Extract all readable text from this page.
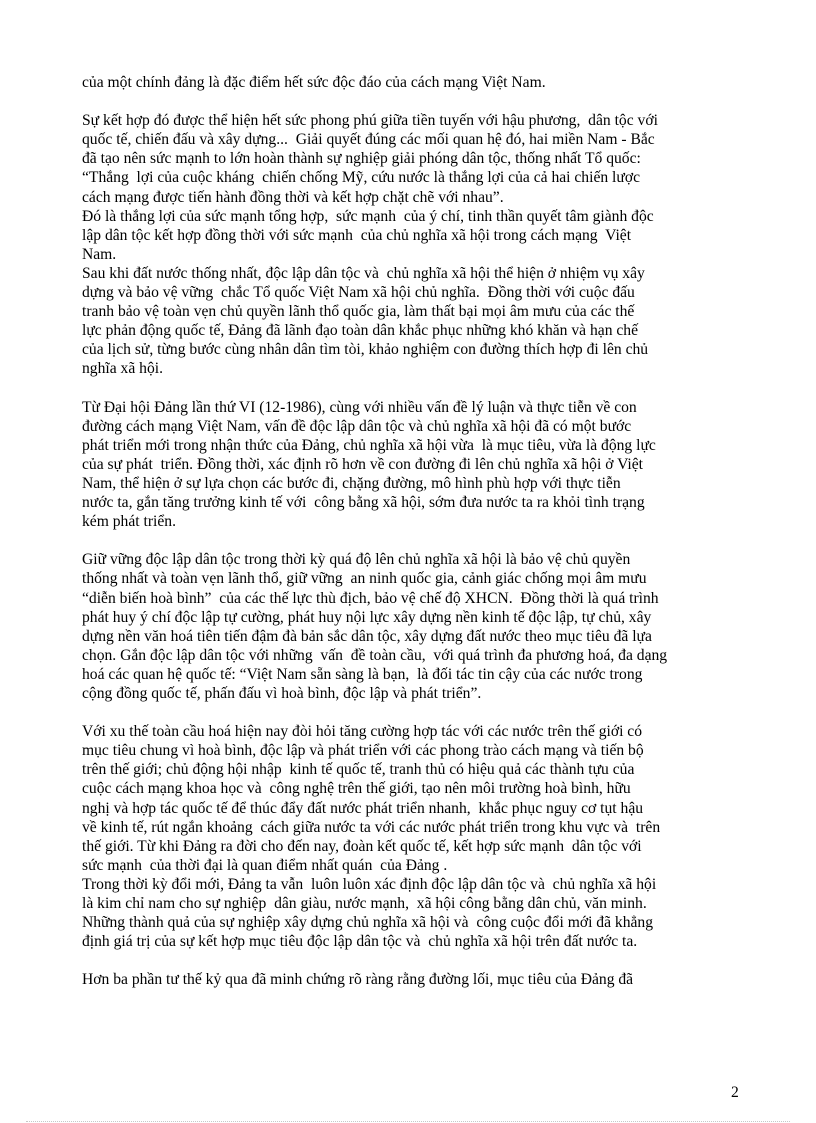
của một chính đảng là đặc điểm hết sức độc đáo của cách mạng Việt Nam.

Sự kết hợp đó được thể hiện hết sức phong phú giữa tiền tuyến với hậu phương,  dân tộc với
quốc tế, chiến đấu và xây dựng...  Giải quyết đúng các mối quan hệ đó, hai miền Nam - Bắc
đã tạo nên sức mạnh to lớn hoàn thành sự nghiệp giải phóng dân tộc, thống nhất Tổ quốc:
“Thắng  lợi của cuộc kháng  chiến chống Mỹ, cứu nước là thắng lợi của cả hai chiến lược
cách mạng được tiến hành đồng thời và kết hợp chặt chẽ với nhau”.
Đó là thắng lợi của sức mạnh tổng hợp,  sức mạnh  của ý chí, tinh thần quyết tâm giành độc
lập dân tộc kết hợp đồng thời với sức mạnh  của chủ nghĩa xã hội trong cách mạng  Việt
Nam.
Sau khi đất nước thống nhất, độc lập dân tộc và  chủ nghĩa xã hội thể hiện ở nhiệm vụ xây
dựng và bảo vệ vững  chắc Tổ quốc Việt Nam xã hội chủ nghĩa.  Đồng thời với cuộc đấu
tranh bảo vệ toàn vẹn chủ quyền lãnh thổ quốc gia, làm thất bại mọi âm mưu của các thế
lực phản động quốc tế, Đảng đã lãnh đạo toàn dân khắc phục những khó khăn và hạn chế
của lịch sử, từng bước cùng nhân dân tìm tòi, khảo nghiệm con đường thích hợp đi lên chủ
nghĩa xã hội.

Từ Đại hội Đảng lần thứ VI (12-1986), cùng với nhiều vấn đề lý luận và thực tiễn về con
đường cách mạng Việt Nam, vấn đề độc lập dân tộc và chủ nghĩa xã hội đã có một bước
phát triển mới trong nhận thức của Đảng, chủ nghĩa xã hội vừa  là mục tiêu, vừa là động lực
của sự phát  triển. Đồng thời, xác định rõ hơn về con đường đi lên chủ nghĩa xã hội ở Việt
Nam, thể hiện ở sự lựa chọn các bước đi, chặng đường, mô hình phù hợp với thực tiễn
nước ta, gắn tăng trưởng kinh tế với  công bằng xã hội, sớm đưa nước ta ra khỏi tình trạng
kém phát triển.

Giữ vững độc lập dân tộc trong thời kỳ quá độ lên chủ nghĩa xã hội là bảo vệ chủ quyền
thống nhất và toàn vẹn lãnh thổ, giữ vững  an ninh quốc gia, cảnh giác chống mọi âm mưu
“diễn biến hoà bình”  của các thế lực thù địch, bảo vệ chế độ XHCN.  Đồng thời là quá trình
phát huy ý chí độc lập tự cường, phát huy nội lực xây dựng nền kinh tế độc lập, tự chủ, xây
dựng nền văn hoá tiên tiến đậm đà bản sắc dân tộc, xây dựng đất nước theo mục tiêu đã lựa
chọn. Gắn độc lập dân tộc với những  vấn  đề toàn cầu,  với quá trình đa phương hoá, đa dạng
hoá các quan hệ quốc tế: “Việt Nam sẵn sàng là bạn,  là đối tác tin cậy của các nước trong
cộng đồng quốc tế, phấn đấu vì hoà bình, độc lập và phát triển”.

Với xu thế toàn cầu hoá hiện nay đòi hỏi tăng cường hợp tác với các nước trên thế giới có
mục tiêu chung vì hoà bình, độc lập và phát triển với các phong trào cách mạng và tiến bộ
trên thế giới; chủ động hội nhập  kinh tế quốc tế, tranh thủ có hiệu quả các thành tựu của
cuộc cách mạng khoa học và  công nghệ trên thế giới, tạo nên môi trường hoà bình, hữu
nghị và hợp tác quốc tế để thúc đẩy đất nước phát triển nhanh,  khắc phục nguy cơ tụt hậu
về kinh tế, rút ngắn khoảng  cách giữa nước ta với các nước phát triển trong khu vực và  trên
thế giới. Từ khi Đảng ra đời cho đến nay, đoàn kết quốc tế, kết hợp sức mạnh  dân tộc với
sức mạnh  của thời đại là quan điểm nhất quán  của Đảng .
Trong thời kỳ đổi mới, Đảng ta vẫn  luôn luôn xác định độc lập dân tộc và  chủ nghĩa xã hội
là kim chỉ nam cho sự nghiệp  dân giàu, nước mạnh,  xã hội công bằng dân chủ, văn minh.
Những thành quả của sự nghiệp xây dựng chủ nghĩa xã hội và  công cuộc đổi mới đã khẳng
định giá trị của sự kết hợp mục tiêu độc lập dân tộc và  chủ nghĩa xã hội trên đất nước ta.

Hơn ba phần tư thế kỷ qua đã minh chứng rõ ràng rằng đường lối, mục tiêu của Đảng đã

2
